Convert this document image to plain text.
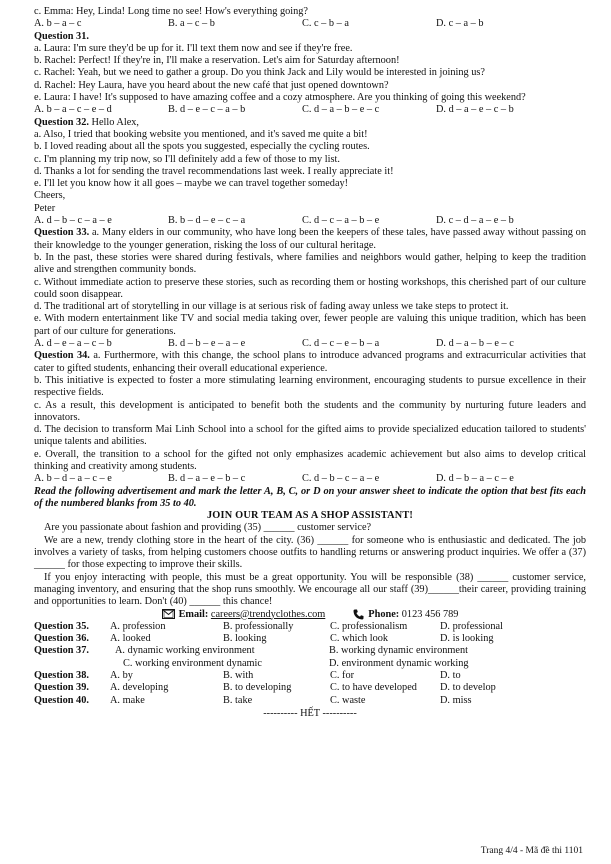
c. Emma: Hey, Linda! Long time no see! How's everything going?
A. b – a – c	B. a – c – b	C. c – b – a	D. c – a – b
Question 31.
a. Laura: I'm sure they'd be up for it. I'll text them now and see if they're free.
b. Rachel: Perfect! If they're in, I'll make a reservation. Let's aim for Saturday afternoon!
c. Rachel: Yeah, but we need to gather a group. Do you think Jack and Lily would be interested in joining us?
d. Rachel: Hey Laura, have you heard about the new café that just opened downtown?
e. Laura: I have! It's supposed to have amazing coffee and a cozy atmosphere. Are you thinking of going this weekend?
A. b – a – c – e – d	B. d – e – c – a – b	C. d – a – b – e – c	D. d – a – e – c – b
Question 32. Hello Alex,
a. Also, I tried that booking website you mentioned, and it's saved me quite a bit!
b. I loved reading about all the spots you suggested, especially the cycling routes.
c. I'm planning my trip now, so I'll definitely add a few of those to my list.
d. Thanks a lot for sending the travel recommendations last week. I really appreciate it!
e. I'll let you know how it all goes – maybe we can travel together someday!
Cheers,
Peter
A. d – b – c – a – e	B. b – d – e – c – a	C. d – c – a – b – e	D. c – d – a – e – b
Question 33. a. Many elders in our community, who have long been the keepers of these tales, have passed away without passing on their knowledge to the younger generation, risking the loss of our cultural heritage.
b. In the past, these stories were shared during festivals, where families and neighbors would gather, helping to keep the tradition alive and strengthen community bonds.
c. Without immediate action to preserve these stories, such as recording them or hosting workshops, this cherished part of our culture could soon disappear.
d. The traditional art of storytelling in our village is at serious risk of fading away unless we take steps to protect it.
e. With modern entertainment like TV and social media taking over, fewer people are valuing this unique tradition, which has been part of our culture for generations.
A. d – e – a – c – b	B. d – b – e – a – e	C. d – c – e – b – a	D. d – a – b – e – c
Question 34. a. Furthermore, with this change, the school plans to introduce advanced programs and extracurricular activities that cater to gifted students, enhancing their overall educational experience.
b. This initiative is expected to foster a more stimulating learning environment, encouraging students to pursue excellence in their respective fields.
c. As a result, this development is anticipated to benefit both the students and the community by nurturing future leaders and innovators.
d. The decision to transform Mai Linh School into a school for the gifted aims to provide specialized education tailored to students' unique talents and abilities.
e. Overall, the transition to a school for the gifted not only emphasizes academic achievement but also aims to develop critical thinking and creativity among students.
A. b – d – a – c – e	B. d – a – e – b – c	C. d – b – c – a – e	D. d – b – a – c – e
Read the following advertisement and mark the letter A, B, C, or D on your answer sheet to indicate the option that best fits each of the numbered blanks from 35 to 40.
JOIN OUR TEAM AS A SHOP ASSISTANT!
Are you passionate about fashion and providing (35) ______ customer service?
We are a new, trendy clothing store in the heart of the city. (36) ______ for someone who is enthusiastic and dedicated. The job involves a variety of tasks, from helping customers choose outfits to handling returns or answering product inquiries. We offer a (37) ______ for those expecting to improve their skills.
If you enjoy interacting with people, this must be a great opportunity. You will be responsible (38) ______ customer service, managing inventory, and ensuring that the shop runs smoothly. We encourage all our staff (39)______their career, providing training and opportunities to learn. Don't (40) ______ this chance!
Email: careers@trendyclothes.com	Phone: 0123 456 789
Question 35.	A. profession	B. professionally	C. professionalism	D. professional
Question 36.	A. looked	B. looking	C. which look	D. is looking
Question 37.	A. dynamic working environment	B. working dynamic environment
C. working environment dynamic	D. environment dynamic working
Question 38.	A. by	B. with	C. for	D. to
Question 39.	A. developing	B. to developing	C. to have developed	D. to develop
Question 40.	A. make	B. take	C. waste	D. miss
---------- HẾT ----------
Trang 4/4 - Mã đề thi 1101
